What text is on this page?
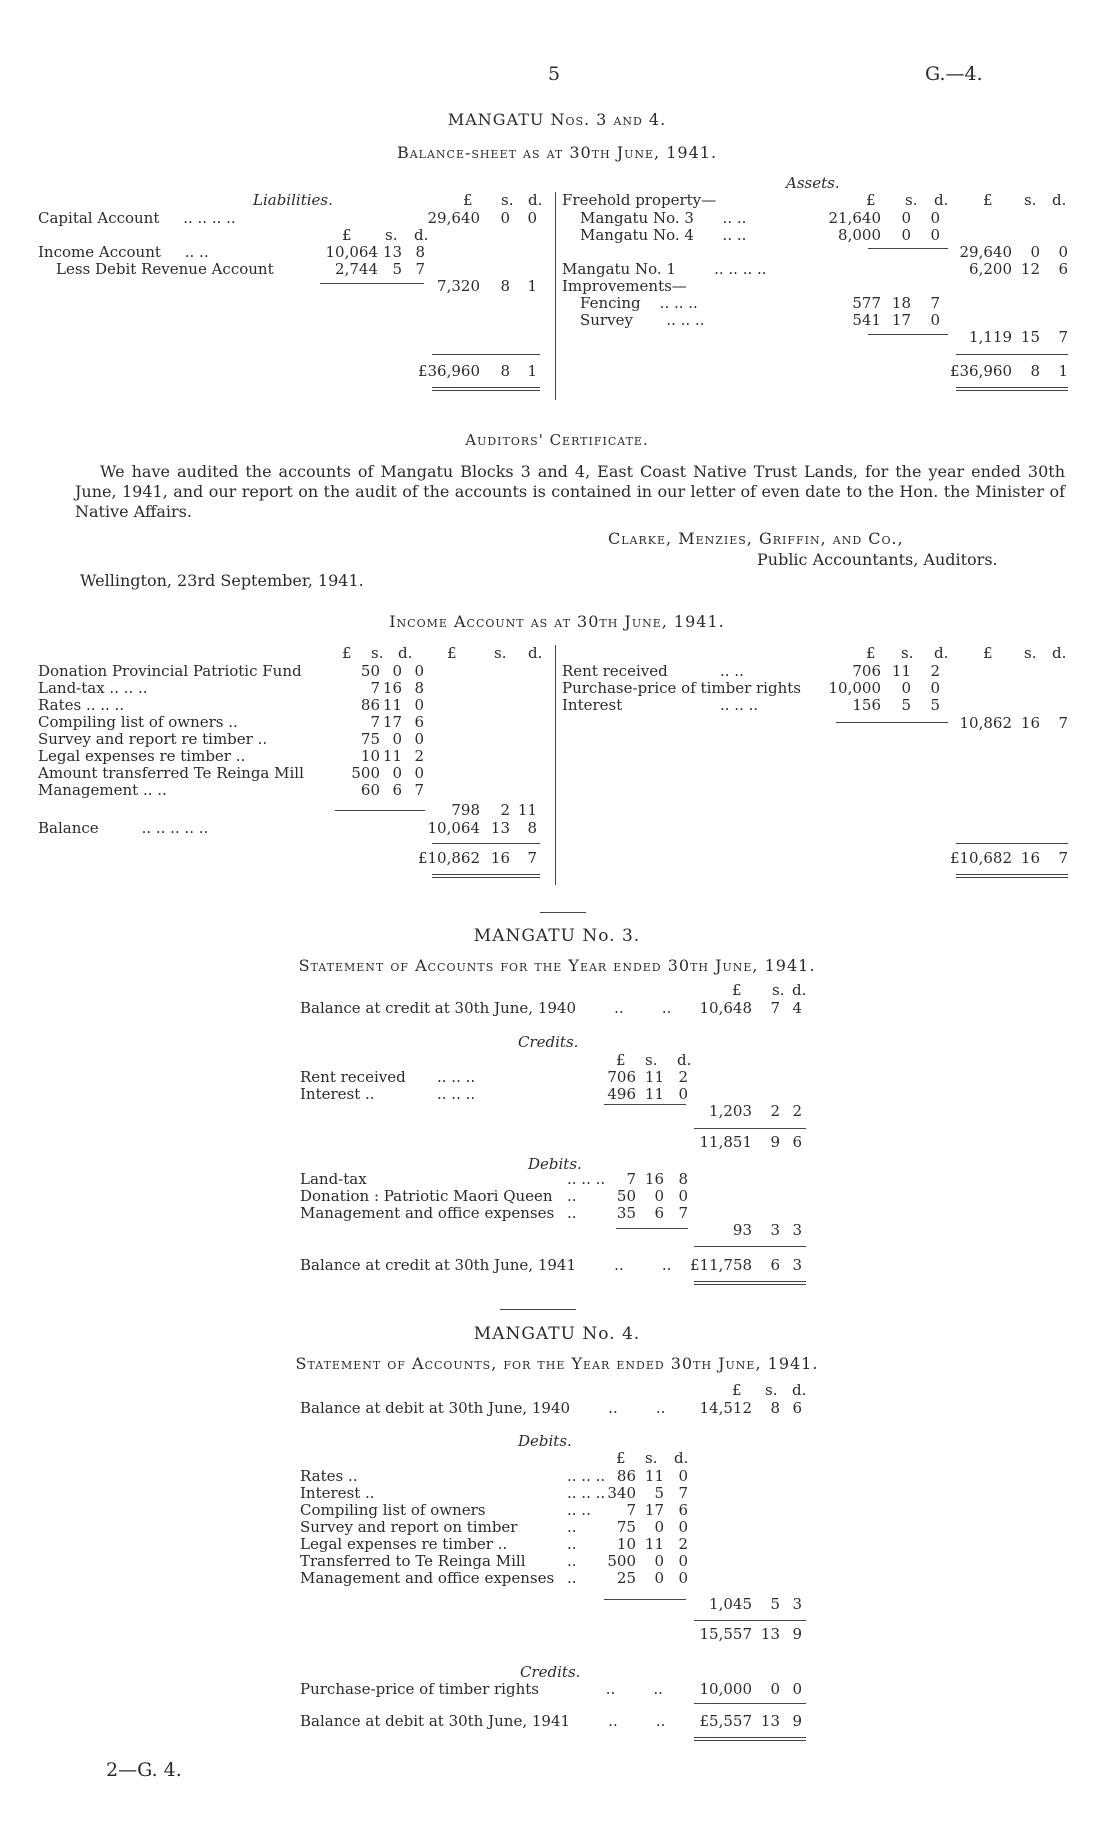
5	G.—4.
MANGATU Nos. 3 and 4.
Balance-sheet as at 30th June, 1941.
Liabilities.
Assets.
£ s. d.
£ s. d.
Capital Account .. .. .. ..	29,640	0	0
Income Account .. ..	10,064 13 8
Less Debit Revenue Account	2,744 5 7
7,320	8	1
£36,960	8	1
£ s. d. £ s. d.
Freehold property—
Mangatu No. 3 .. ..	21,640	0	0
Mangatu No. 4 .. ..	8,000	0	0
29,640	0	0
Mangatu No. 1	.. .. .. ..	6,200 12	6
Improvements—
Fencing .. .. ..	577 18	7
Survey .. .. ..	541 17	0
1,119 15	7
£36,960	8	1
Auditors' Certificate.
We have audited the accounts of Mangatu Blocks 3 and 4, East Coast Native Trust Lands, for the year ended 30th June, 1941, and our report on the audit of the accounts is contained in our letter of even date to the Hon. the Minister of Native Affairs.
Clarke, Menzies, Griffin, and Co.,
Public Accountants, Auditors.
Wellington, 23rd September, 1941.
Income Account as at 30th June, 1941.
£ s. d. £ s. d.
Donation Provincial Patriotic Fund	50 0 0
Land-tax .. .. ..	7 16 8
Rates .. .. ..	86 11 0
Compiling list of owners ..	7 17 6
Survey and report re timber ..	75 0 0
Legal expenses re timber ..	10 11 2
Amount transferred Te Reinga Mill	500 0 0
Management .. ..	60 6 7
798	2 11
Balance	.. .. .. .. ..	10,064 13	8
£10,862 16	7
£ s. d. £ s. d.
.. ..
Rent received	706 11	2
Purchase-price of timber rights	10,000	0	0
.. .. ..
Interest	156	5	5
10,862 16	7
£10,682 16	7
MANGATU No. 3.
Statement of Accounts for the Year ended 30th June, 1941.
£ s. d.
Balance at credit at 30th June, 1940        ..        ..	10,648	7 4
Credits.
£ s. d.
.. .. ..
Rent received	706 11 2
.. .. ..
Interest ..	496 11 0
1,203	2 2
11,851	9 6
Debits.
.. .. ..
Land-tax	7 16 8
..
Donation : Patriotic Maori Queen	50	0 0
..
Management and office expenses	35	6 7
93	3 3
Balance at credit at 30th June, 1941        ..        .. £11,758	6 3
MANGATU No. 4.
Statement of Accounts, for the Year ended 30th June, 1941.
£ s. d.
Balance at debit at 30th June, 1940        ..        ..	14,512	8 6
Debits.
£ s. d.
.. .. ..
Rates ..	86 11 0
.. .. ..
Interest ..	340	5 7
.. ..
Compiling list of owners	7 17 6
..
Survey and report on timber	75	0 0
..
Legal expenses re timber ..	10 11 2
..
Transferred to Te Reinga Mill	500	0 0
..
Management and office expenses	25	0 0
1,045	5 3
15,557 13 9
Credits.
Purchase-price of timber rights              ..        ..	10,000	0 0
Balance at debit at 30th June, 1941        ..        ..	£5,557 13 9
2—G. 4.
